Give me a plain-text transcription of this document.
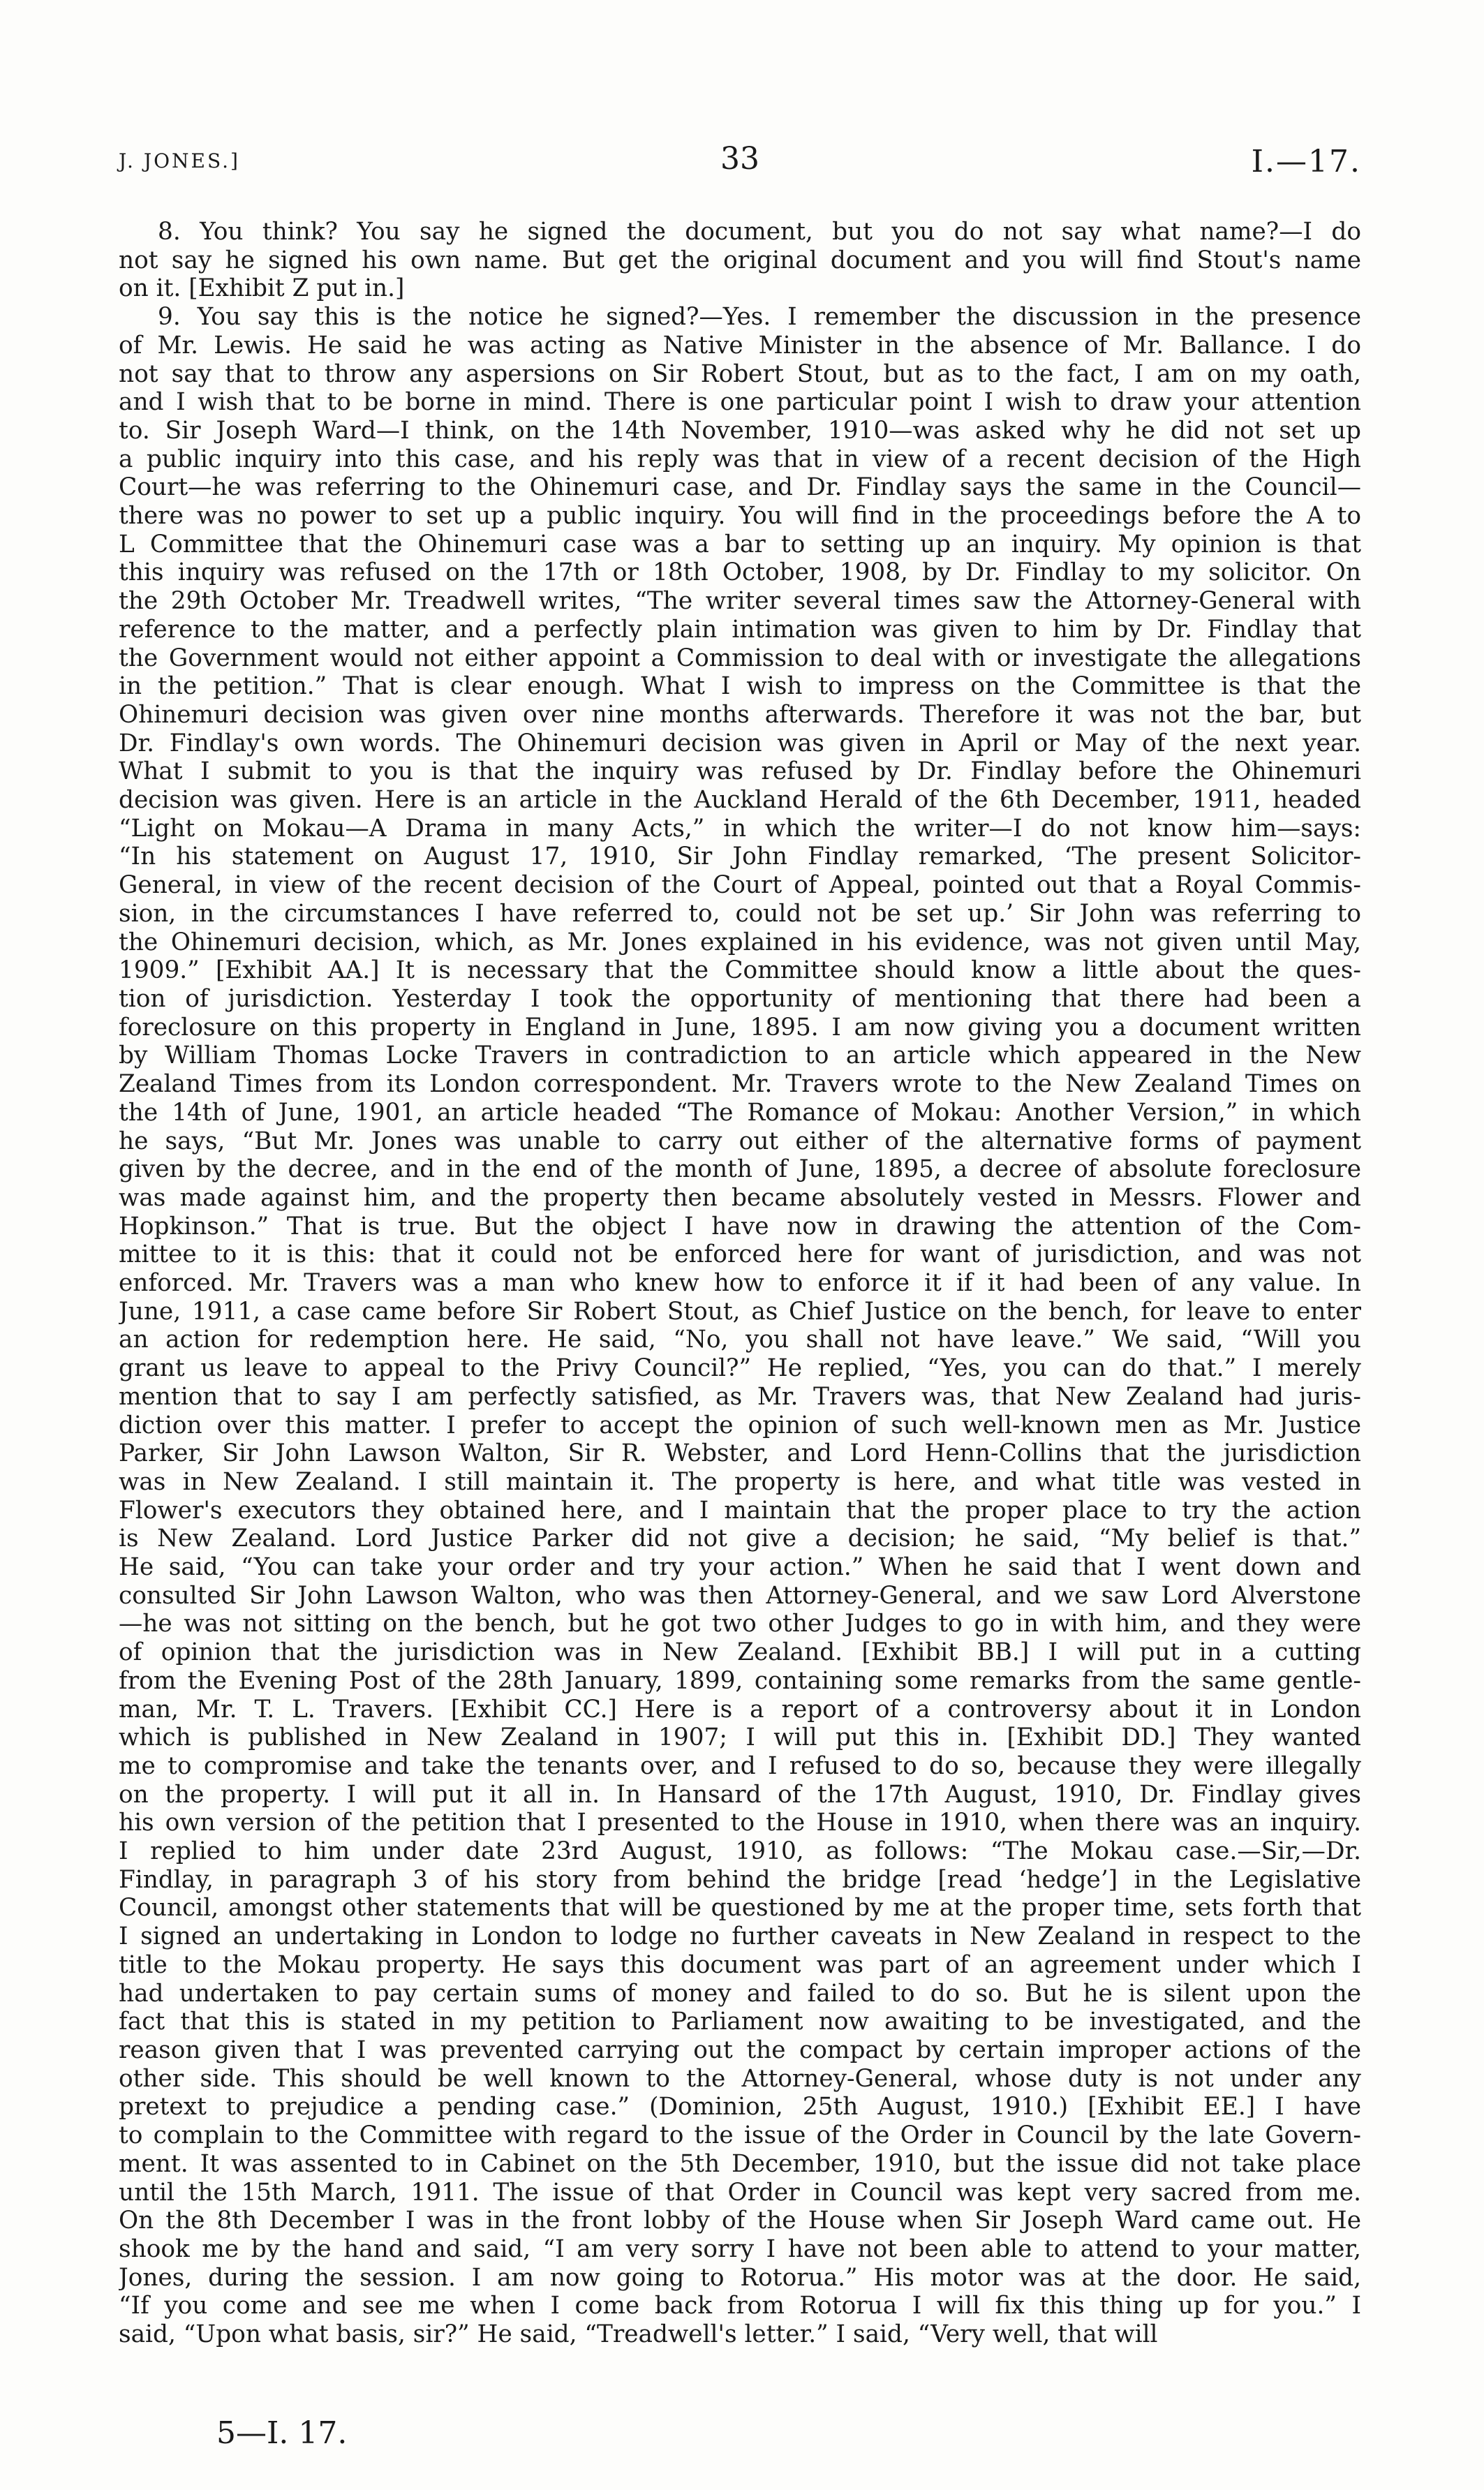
J. JONES.]	33	I.—17.
8. You think? You say he signed the document, but you do not say what name?—I do
not say he signed his own name. But get the original document and you will find Stout's name
on it. [Exhibit Z put in.]
9. You say this is the notice he signed?—Yes. I remember the discussion in the presence
of Mr. Lewis. He said he was acting as Native Minister in the absence of Mr. Ballance. I do
not say that to throw any aspersions on Sir Robert Stout, but as to the fact, I am on my oath,
and I wish that to be borne in mind. There is one particular point I wish to draw your attention
to. Sir Joseph Ward—I think, on the 14th November, 1910—was asked why he did not set up
a public inquiry into this case, and his reply was that in view of a recent decision of the High
Court—he was referring to the Ohinemuri case, and Dr. Findlay says the same in the Council—
there was no power to set up a public inquiry. You will find in the proceedings before the A to
L Committee that the Ohinemuri case was a bar to setting up an inquiry. My opinion is that
this inquiry was refused on the 17th or 18th October, 1908, by Dr. Findlay to my solicitor. On
the 29th October Mr. Treadwell writes, “The writer several times saw the Attorney-General with
reference to the matter, and a perfectly plain intimation was given to him by Dr. Findlay that
the Government would not either appoint a Commission to deal with or investigate the allegations
in the petition.” That is clear enough. What I wish to impress on the Committee is that the
Ohinemuri decision was given over nine months afterwards. Therefore it was not the bar, but
Dr. Findlay's own words. The Ohinemuri decision was given in April or May of the next year.
What I submit to you is that the inquiry was refused by Dr. Findlay before the Ohinemuri
decision was given. Here is an article in the Auckland Herald of the 6th December, 1911, headed
“Light on Mokau—A Drama in many Acts,” in which the writer—I do not know him—says:
“In his statement on August 17, 1910, Sir John Findlay remarked, ‘The present Solicitor-
General, in view of the recent decision of the Court of Appeal, pointed out that a Royal Commis-
sion, in the circumstances I have referred to, could not be set up.’ Sir John was referring to
the Ohinemuri decision, which, as Mr. Jones explained in his evidence, was not given until May,
1909.” [Exhibit AA.] It is necessary that the Committee should know a little about the ques-
tion of jurisdiction. Yesterday I took the opportunity of mentioning that there had been a
foreclosure on this property in England in June, 1895. I am now giving you a document written
by William Thomas Locke Travers in contradiction to an article which appeared in the New
Zealand Times from its London correspondent. Mr. Travers wrote to the New Zealand Times on
the 14th of June, 1901, an article headed “The Romance of Mokau: Another Version,” in which
he says, “But Mr. Jones was unable to carry out either of the alternative forms of payment
given by the decree, and in the end of the month of June, 1895, a decree of absolute foreclosure
was made against him, and the property then became absolutely vested in Messrs. Flower and
Hopkinson.” That is true. But the object I have now in drawing the attention of the Com-
mittee to it is this: that it could not be enforced here for want of jurisdiction, and was not
enforced. Mr. Travers was a man who knew how to enforce it if it had been of any value. In
June, 1911, a case came before Sir Robert Stout, as Chief Justice on the bench, for leave to enter
an action for redemption here. He said, “No, you shall not have leave.” We said, “Will you
grant us leave to appeal to the Privy Council?” He replied, “Yes, you can do that.” I merely
mention that to say I am perfectly satisfied, as Mr. Travers was, that New Zealand had juris-
diction over this matter. I prefer to accept the opinion of such well-known men as Mr. Justice
Parker, Sir John Lawson Walton, Sir R. Webster, and Lord Henn-Collins that the jurisdiction
was in New Zealand. I still maintain it. The property is here, and what title was vested in
Flower's executors they obtained here, and I maintain that the proper place to try the action
is New Zealand. Lord Justice Parker did not give a decision; he said, “My belief is that.”
He said, “You can take your order and try your action.” When he said that I went down and
consulted Sir John Lawson Walton, who was then Attorney-General, and we saw Lord Alverstone
—he was not sitting on the bench, but he got two other Judges to go in with him, and they were
of opinion that the jurisdiction was in New Zealand. [Exhibit BB.] I will put in a cutting
from the Evening Post of the 28th January, 1899, containing some remarks from the same gentle-
man, Mr. T. L. Travers. [Exhibit CC.] Here is a report of a controversy about it in London
which is published in New Zealand in 1907; I will put this in. [Exhibit DD.] They wanted
me to compromise and take the tenants over, and I refused to do so, because they were illegally
on the property. I will put it all in. In Hansard of the 17th August, 1910, Dr. Findlay gives
his own version of the petition that I presented to the House in 1910, when there was an inquiry.
I replied to him under date 23rd August, 1910, as follows: “The Mokau case.—Sir,—Dr.
Findlay, in paragraph 3 of his story from behind the bridge [read ‘hedge’] in the Legislative
Council, amongst other statements that will be questioned by me at the proper time, sets forth that
I signed an undertaking in London to lodge no further caveats in New Zealand in respect to the
title to the Mokau property. He says this document was part of an agreement under which I
had undertaken to pay certain sums of money and failed to do so. But he is silent upon the
fact that this is stated in my petition to Parliament now awaiting to be investigated, and the
reason given that I was prevented carrying out the compact by certain improper actions of the
other side. This should be well known to the Attorney-General, whose duty is not under any
pretext to prejudice a pending case.” (Dominion, 25th August, 1910.) [Exhibit EE.] I have
to complain to the Committee with regard to the issue of the Order in Council by the late Govern-
ment. It was assented to in Cabinet on the 5th December, 1910, but the issue did not take place
until the 15th March, 1911. The issue of that Order in Council was kept very sacred from me.
On the 8th December I was in the front lobby of the House when Sir Joseph Ward came out. He
shook me by the hand and said, “I am very sorry I have not been able to attend to your matter,
Jones, during the session. I am now going to Rotorua.” His motor was at the door. He said,
“If you come and see me when I come back from Rotorua I will fix this thing up for you.” I
said, “Upon what basis, sir?” He said, “Treadwell's letter.” I said, “Very well, that will
5—I. 17.
